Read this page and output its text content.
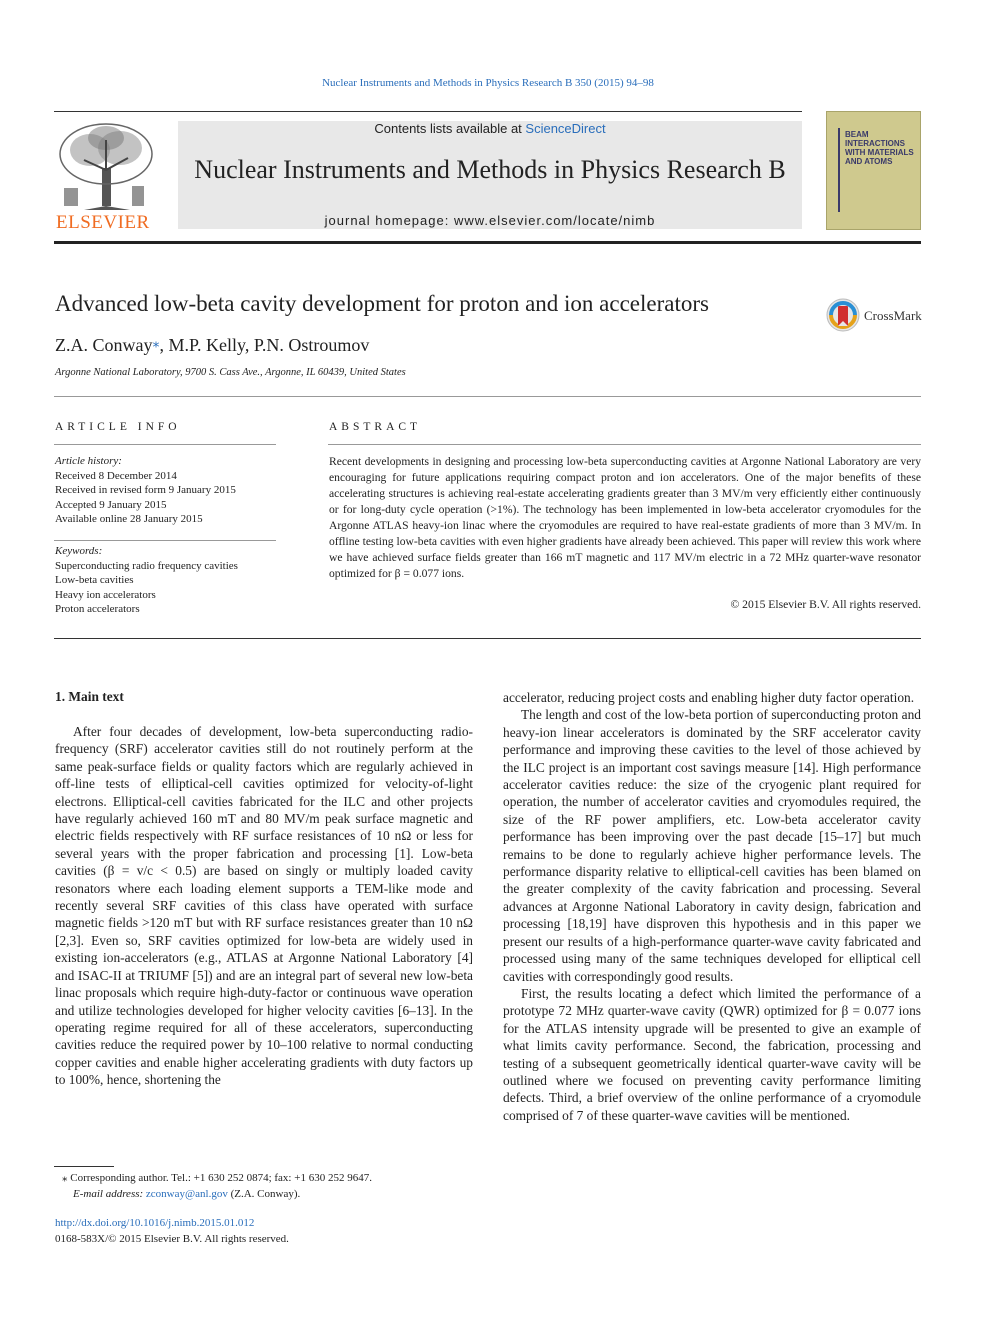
Nuclear Instruments and Methods in Physics Research B 350 (2015) 94–98
ELSEVIER
Contents lists available at ScienceDirect
Nuclear Instruments and Methods in Physics Research B
journal homepage: www.elsevier.com/locate/nimb
BEAM INTERACTIONS WITH MATERIALS AND ATOMS
Advanced low-beta cavity development for proton and ion accelerators	CrossMark
Z.A. Conway⁎, M.P. Kelly, P.N. Ostroumov
Argonne National Laboratory, 9700 S. Cass Ave., Argonne, IL 60439, United States
ARTICLE INFO
Article history:
Received 8 December 2014
Received in revised form 9 January 2015
Accepted 9 January 2015
Available online 28 January 2015
Keywords:
Superconducting radio frequency cavities
Low-beta cavities
Heavy ion accelerators
Proton accelerators
ABSTRACT
Recent developments in designing and processing low-beta superconducting cavities at Argonne National Laboratory are very encouraging for future applications requiring compact proton and ion accelerators. One of the major benefits of these accelerating structures is achieving real-estate accelerating gradients greater than 3 MV/m very efficiently either continuously or for long-duty cycle operation (>1%). The technology has been implemented in low-beta accelerator cryomodules for the Argonne ATLAS heavy-ion linac where the cryomodules are required to have real-estate gradients of more than 3 MV/m. In offline testing low-beta cavities with even higher gradients have already been achieved. This paper will review this work where we have achieved surface fields greater than 166 mT magnetic and 117 MV/m electric in a 72 MHz quarter-wave resonator optimized for β = 0.077 ions.
© 2015 Elsevier B.V. All rights reserved.
1. Main text

After four decades of development, low-beta superconducting radio-frequency (SRF) accelerator cavities still do not routinely perform at the same peak-surface fields or quality factors which are regularly achieved in off-line tests of elliptical-cell cavities optimized for velocity-of-light electrons. Elliptical-cell cavities fabricated for the ILC and other projects have regularly achieved 160 mT and 80 MV/m peak surface magnetic and electric fields respectively with RF surface resistances of 10 nΩ or less for several years with the proper fabrication and processing [1]. Low-beta cavities (β = v/c < 0.5) are based on singly or multiply loaded cavity resonators where each loading element supports a TEM-like mode and recently several SRF cavities of this class have operated with surface magnetic fields >120 mT but with RF surface resistances greater than 10 nΩ [2,3]. Even so, SRF cavities optimized for low-beta are widely used in existing ion-accelerators (e.g., ATLAS at Argonne National Laboratory [4] and ISAC-II at TRIUMF [5]) and are an integral part of several new low-beta linac proposals which require high-duty-factor or continuous wave operation and utilize technologies developed for higher velocity cavities [6–13]. In the operating regime required for all of these accelerators, superconducting cavities reduce the required power by 10–100 relative to normal conducting copper cavities and enable higher accelerating gradients with duty factors up to 100%, hence, shortening the

accelerator, reducing project costs and enabling higher duty factor operation.

The length and cost of the low-beta portion of superconducting proton and heavy-ion linear accelerators is dominated by the SRF accelerator cavity performance and improving these cavities to the level of those achieved by the ILC project is an important cost savings measure [14]. High performance accelerator cavities reduce: the size of the cryogenic plant required for operation, the number of accelerator cavities and cryomodules required, the size of the RF power amplifiers, etc. Low-beta accelerator cavity performance has been improving over the past decade [15–17] but much remains to be done to regularly achieve higher performance levels. The performance disparity relative to elliptical-cell cavities has been blamed on the greater complexity of the cavity fabrication and processing. Several advances at Argonne National Laboratory in cavity design, fabrication and processing [18,19] have disproven this hypothesis and in this paper we present our results of a high-performance quarter-wave cavity fabricated and processed using many of the same techniques developed for elliptical cell cavities with correspondingly good results.

First, the results locating a defect which limited the performance of a prototype 72 MHz quarter-wave cavity (QWR) optimized for β = 0.077 ions for the ATLAS intensity upgrade will be presented to give an example of what limits cavity performance. Second, the fabrication, processing and testing of a subsequent geometrically identical quarter-wave cavity will be outlined where we focused on preventing cavity performance limiting defects. Third, a brief overview of the online performance of a cryomodule comprised of 7 of these quarter-wave cavities will be mentioned.

⁎ Corresponding author. Tel.: +1 630 252 0874; fax: +1 630 252 9647.
E-mail address: zconway@anl.gov (Z.A. Conway).
http://dx.doi.org/10.1016/j.nimb.2015.01.012
0168-583X/© 2015 Elsevier B.V. All rights reserved.
